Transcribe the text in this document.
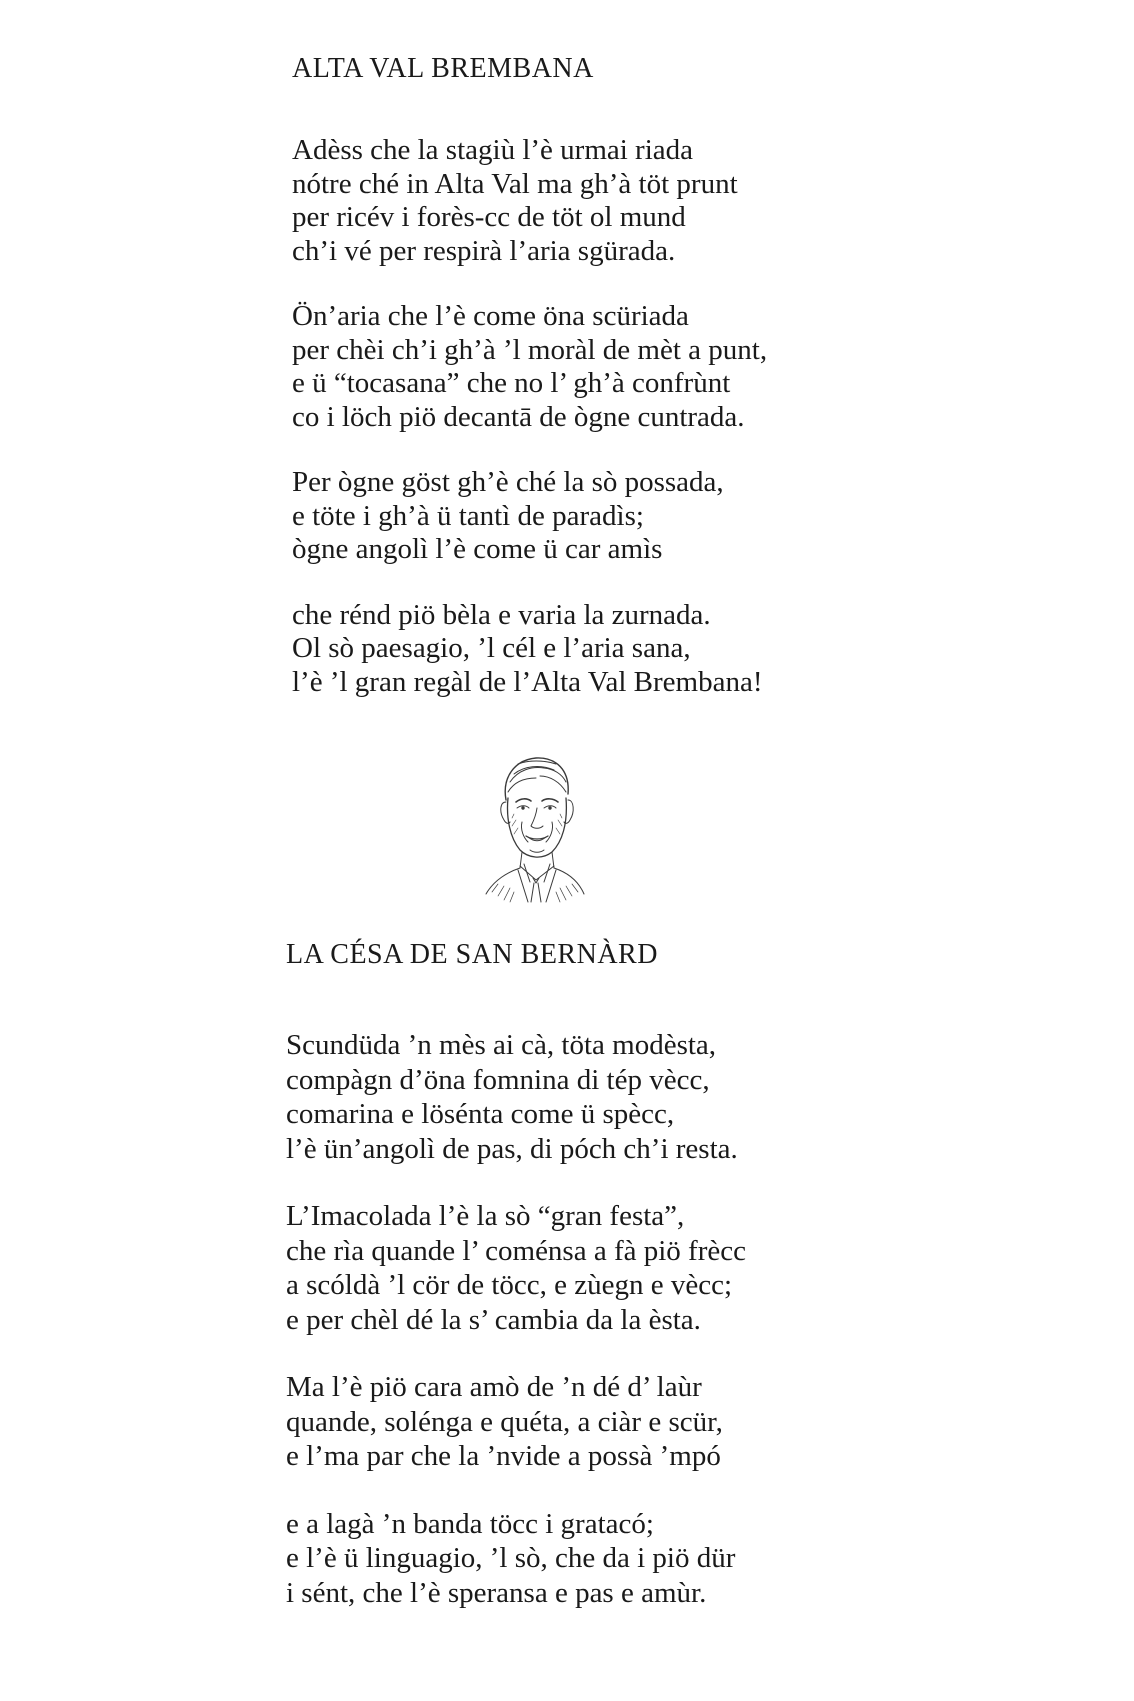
ALTA VAL BREMBANA
Adèss che la stagiù l’è urmai riada
nótre ché in Alta Val ma gh’à töt prunt
per ricév i forès-cc de töt ol mund
ch’i vé per respirà l’aria sgürada.
Ön’aria che l’è come öna scüriada
per chèi ch’i gh’à ’l moràl de mèt a punt,
e ü “tocasana” che no l’ gh’à confrùnt
co i löch piö decantā de ògne cuntrada.
Per ògne göst gh’è ché la sò possada,
e töte i gh’à ü tantì de paradìs;
ògne angolì l’è come ü car amìs
che rénd piö bèla e varia la zurnada.
Ol sò paesagio, ’l cél e l’aria sana,
l’è ’l gran regàl de l’Alta Val Brembana!
LA CÉSA DE SAN BERNÀRD
Scundüda ’n mès ai cà, töta modèsta,
compàgn d’öna fomnina di tép vècc,
comarina e lösénta come ü spècc,
l’è ün’angolì de pas, di póch ch’i resta.
L’Imacolada l’è la sò “gran festa”,
che rìa quande l’ coménsa a fà piö frècc
a scóldà ’l cör de töcc, e zùegn e vècc;
e per chèl dé la s’ cambia da la èsta.
Ma l’è piö cara amò de ’n dé d’ laùr
quande, solénga e quéta, a ciàr e scür,
e l’ma par che la ’nvide a possà ’mpó
e a lagà ’n banda töcc i gratacó;
e l’è ü linguagio, ’l sò, che da i piö dür
i sént, che l’è speransa e pas e amùr.
